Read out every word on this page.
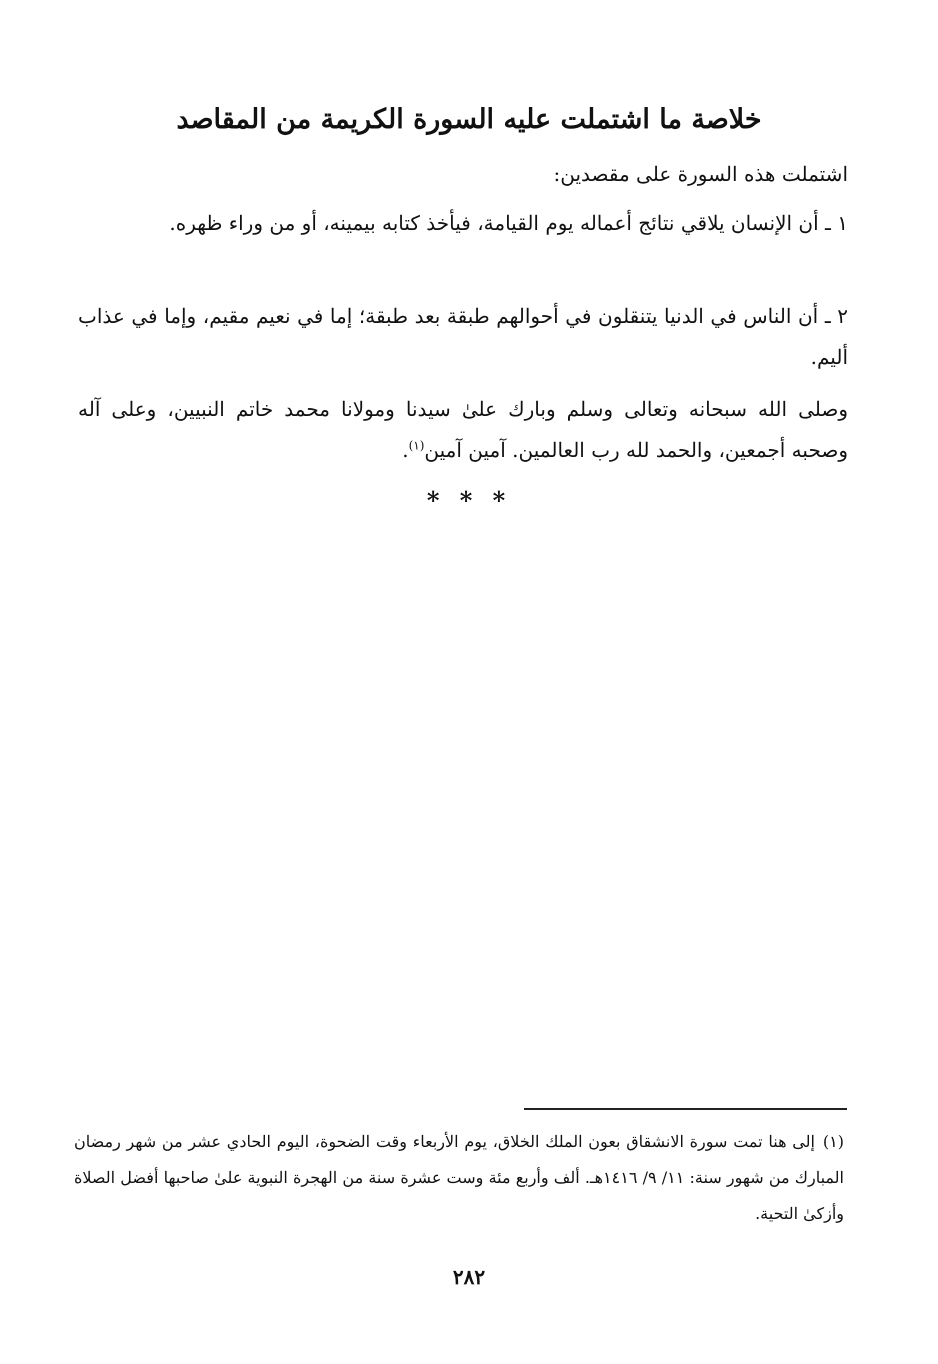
خلاصة ما اشتملت عليه السورة الكريمة من المقاصد
اشتملت هذه السورة على مقصدين:
١ ـ أن الإنسان يلاقي نتائج أعماله يوم القيامة، فيأخذ كتابه بيمينه، أو من وراء ظهره.
٢ ـ أن الناس في الدنيا يتنقلون في أحوالهم طبقة بعد طبقة؛ إما في نعيم مقيم، وإما في عذاب أليم.
وصلى الله سبحانه وتعالى وسلم وبارك علىٰ سيدنا ومولانا محمد خاتم النبيين، وعلى آله وصحبه أجمعين، والحمد لله رب العالمين. آمين آمين$^{(١)}$.
* * *
(١)إلى هنا تمت سورة الانشقاق بعون الملك الخلاق، يوم الأربعاء وقت الضحوة، اليوم الحادي عشر من شهر رمضان المبارك من شهور سنة: ١١/ ٩/ ١٤١٦هـ. ألف وأربع مئة وست عشرة سنة من الهجرة النبوية علىٰ صاحبها أفضل الصلاة وأزكىٰ التحية.
٢٨٢
